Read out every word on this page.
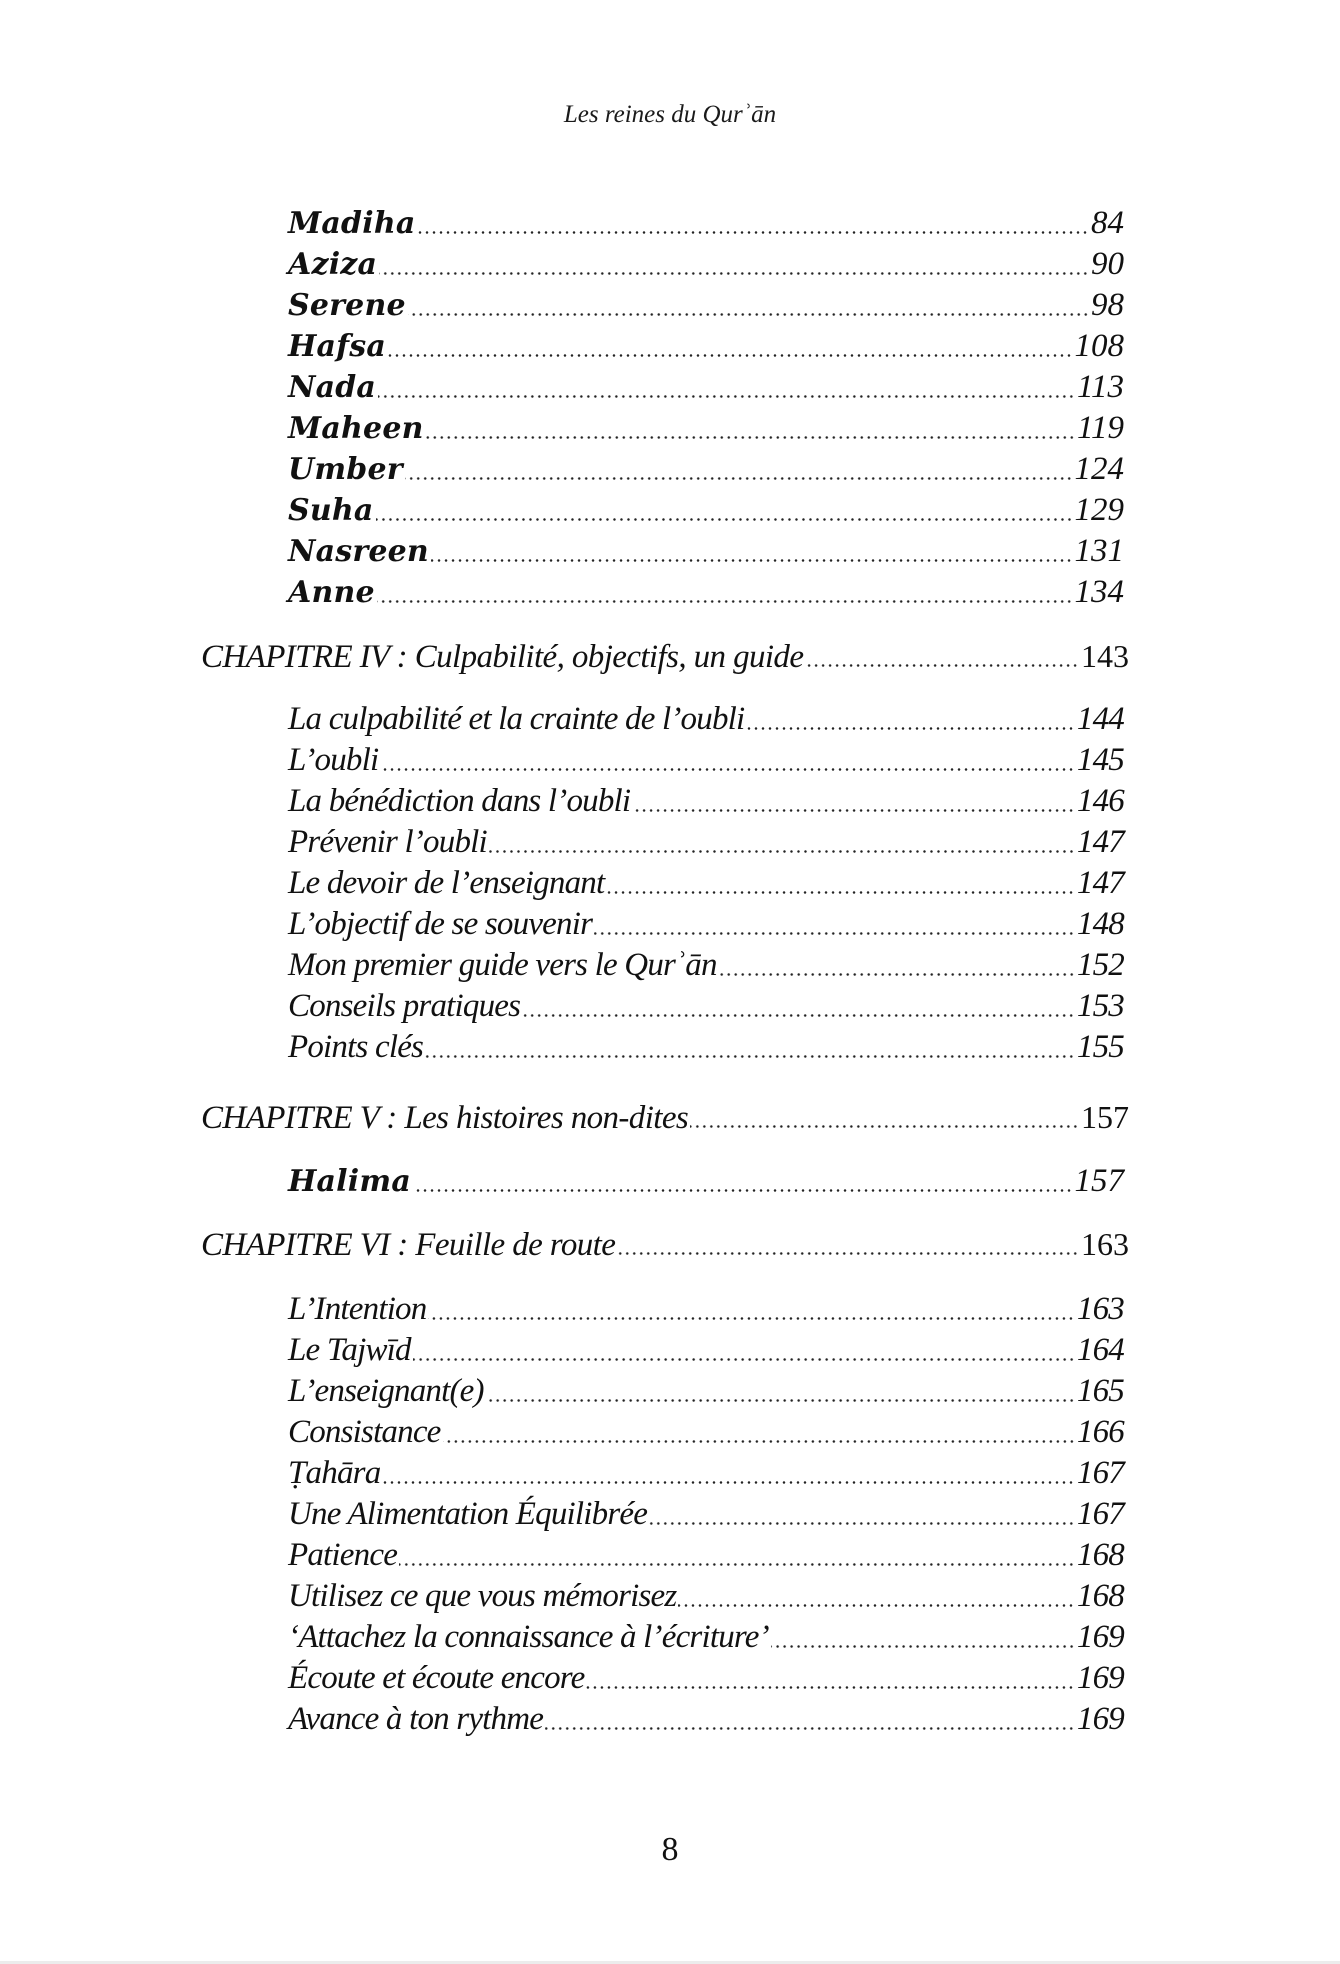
Les reines du Qurʾān
Madiha	84
Aziza	90
Serene	98
Hafsa	108
Nada	113
Maheen	119
Umber	124
Suha	129
Nasreen	131
Anne	134
CHAPITRE IV : Culpabilité, objectifs, un guide	143
La culpabilité et la crainte de l’oubli	144
L’oubli	145
La bénédiction dans l’oubli	146
Prévenir l’oubli	147
Le devoir de l’enseignant	147
L’objectif de se souvenir	148
Mon premier guide vers le Qurʾān	152
Conseils pratiques	153
Points clés	155
CHAPITRE V : Les histoires non-dites	157
Halima	157
CHAPITRE VI : Feuille de route	163
L’Intention	163
Le Tajwīd	164
L’enseignant(e)	165
Consistance	166
Ṭahāra	167
Une Alimentation Équilibrée	167
Patience	168
Utilisez ce que vous mémorisez	168
‘Attachez la connaissance à l’écriture’	169
Écoute et écoute encore	169
Avance à ton rythme	169
8
